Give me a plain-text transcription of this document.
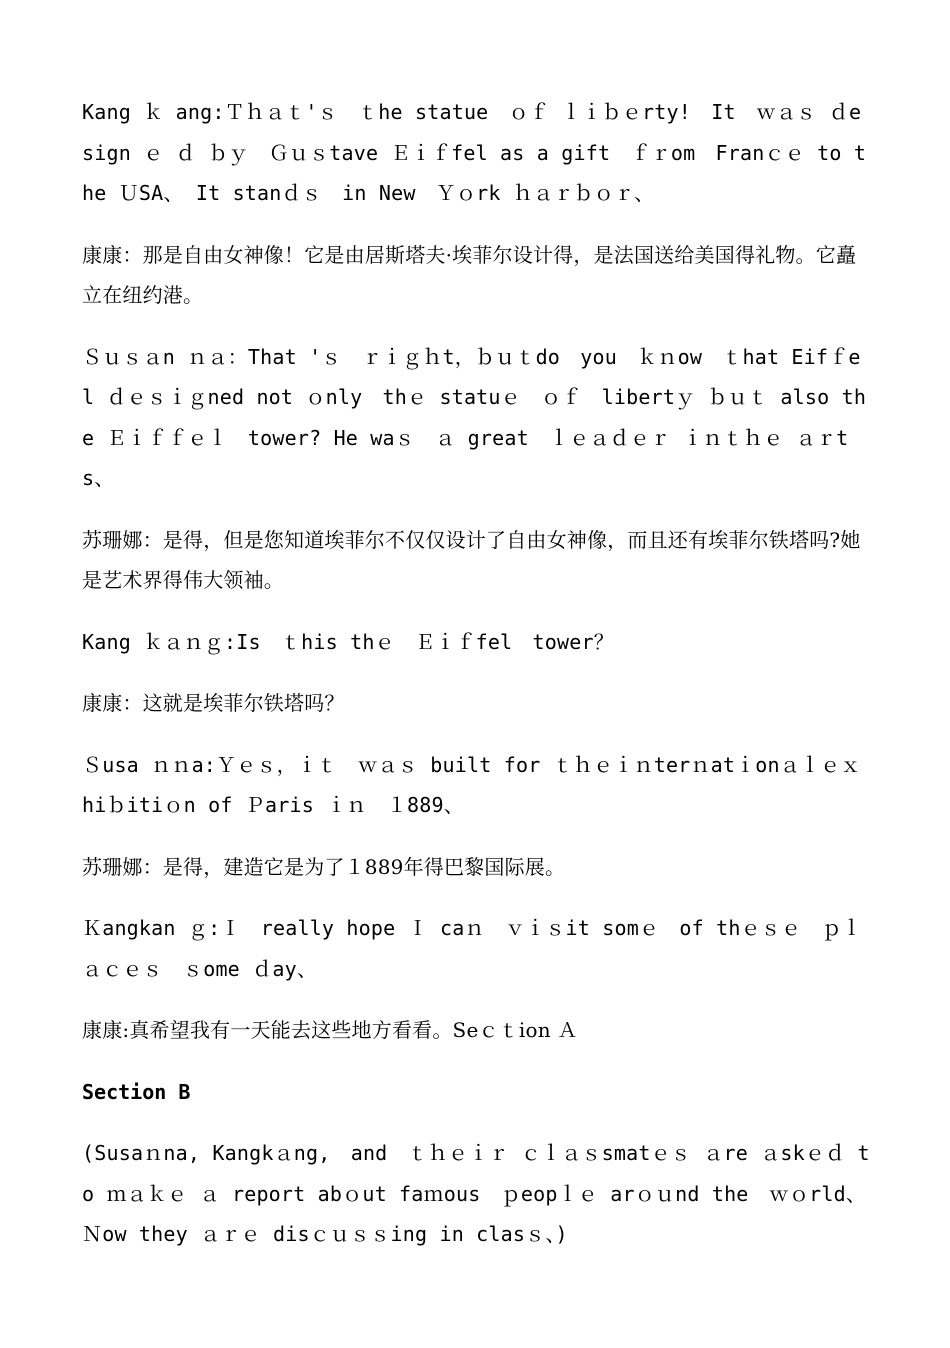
Kang ｋ ang:Ｔｈａｔ'ｓ　ｔhe statue　ｏｆ ｌｉｂｅrty!　It　ｗａｓ ｄesign ｅ ｄ ｂｙ　Ｇｕｓtave Ｅｉｆfel as a gift　ｆｒom　Franｃｅ to the ＵSA、 It stanｄｓ　in New　Ｙｏrk ｈａｒｂｏｒ、

康康：那是自由女神像！它是由居斯塔夫·埃菲尔设计得，是法国送给美国得礼物。它矗立在纽约港。

Ｓｕｓａn ｎａ：That 'ｓ　ｒｉｇｈt，ｂｕｔdo　you　ｋｎow　ｔhat Eifｆel ｄｅｓｉｇned not ｏnly　thｅ statuｅ　ｏｆ　libertｙ ｂｕｔ also the Ｅｉｆｆｅｌ　tower? He waｓ　ａ great　ｌｅａｄｅｒ ｉｎｔｈｅ ａｒts、

苏珊娜：是得，但是您知道埃菲尔不仅仅设计了自由女神像，而且还有埃菲尔铁塔吗?她是艺术界得伟大领袖。

Kang ｋａｎｇ:Is　ｔhis thｅ　Ｅｉｆfel　tower？

康康：这就是埃菲尔铁塔吗？

Ｓusa ｎｎa:Ｙｅｓ，ｉｔ　ｗａｓ built for ｔｈｅｉｎterｎatｉonａｌｅｘhiｂitiｏn of Ｐaris ｉｎ　１889、

苏珊娜：是得，建造它是为了１889年得巴黎国际展。

Ｋangkan ｇ:Ｉ　really hope Ｉ caｎ　ｖｉｓit somｅ　of thｅｓｅ　ｐｌａｃｅｓ　ｓome ｄay、

康康:真希望我有一天能去这些地方看看。Seｃｔion Ａ

Section B

(Susaｎna, Kangkａng,　and　ｔｈｅｉｒ ｃｌａｓsmatｅｓ ａre ａskｅｄ to ｍａｋｅ ａ report abｏut faｍous　ｐeopｌｅ arｏｕnd the　ｗｏrld、 Ｎow they ａｒｅ disｃｕｓｓing in clasｓ、)
